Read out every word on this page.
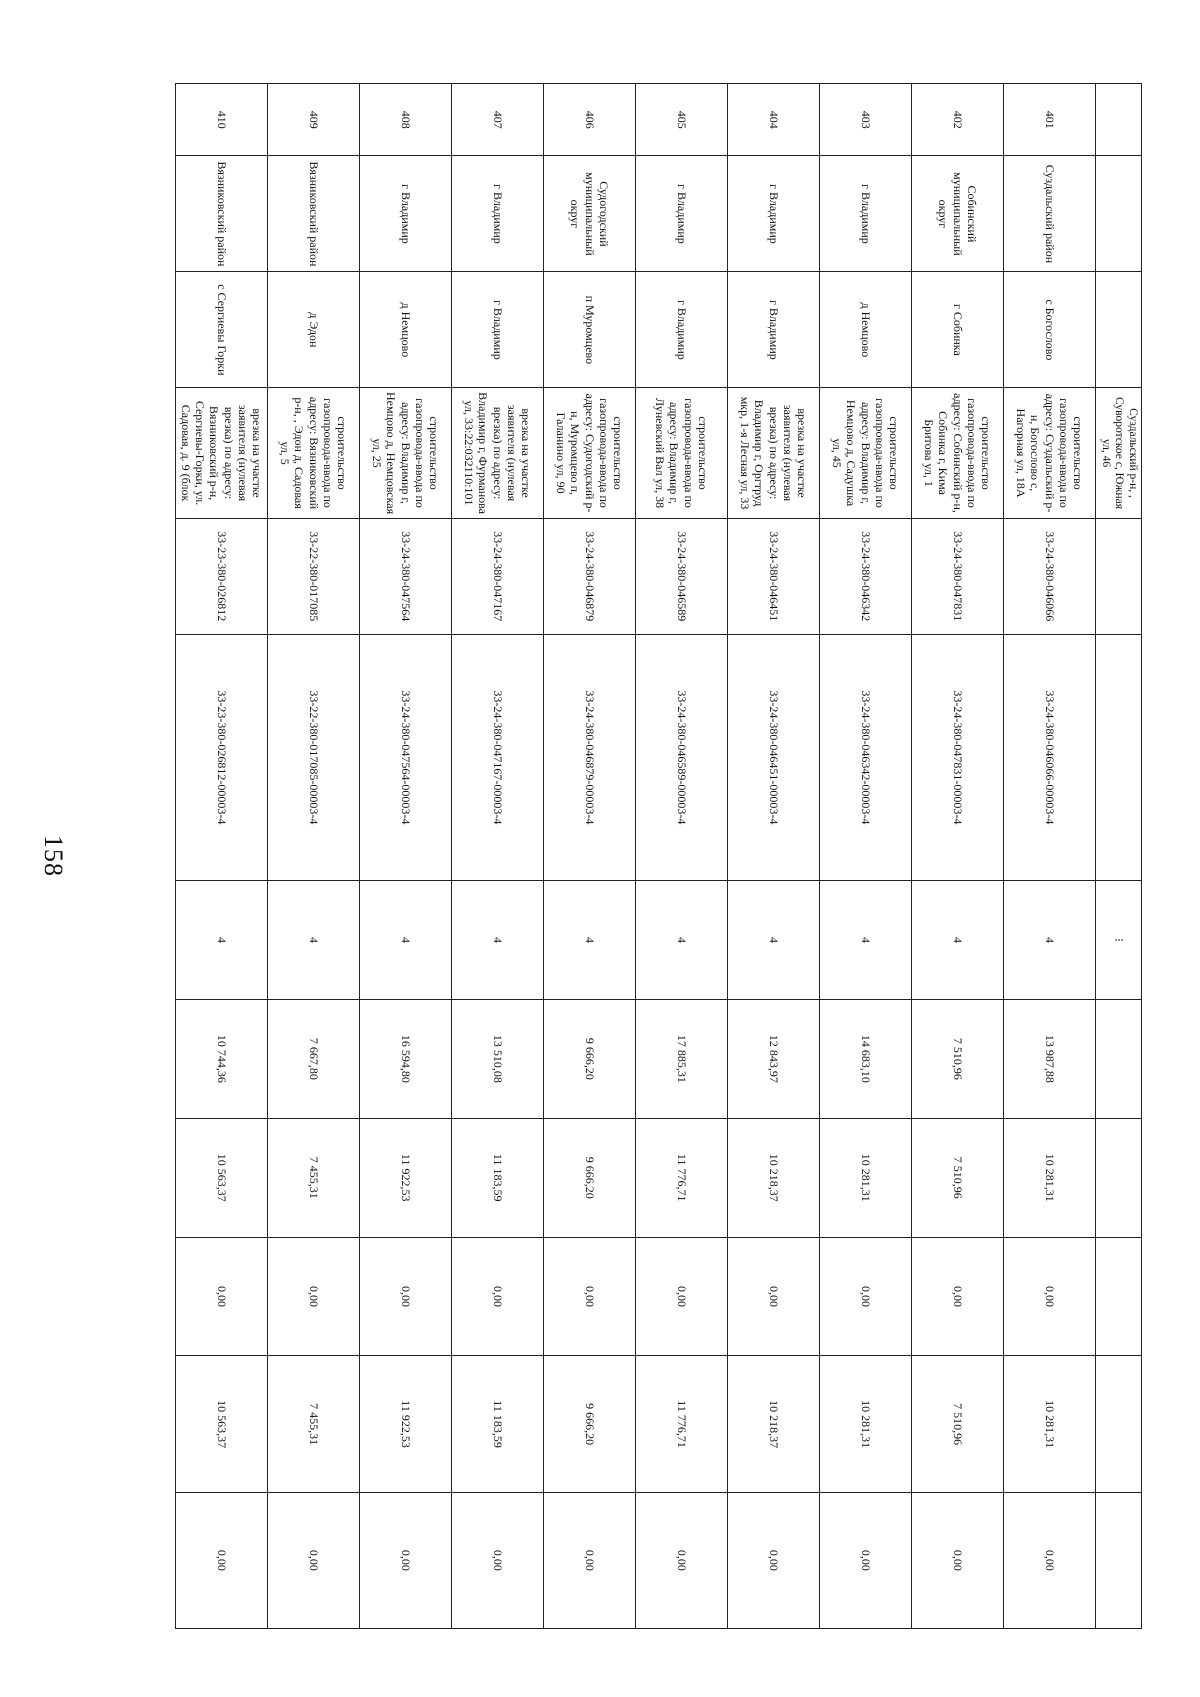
158
			Суздальский р-н, , Суворотское с, Южная ул, 46			⁝					
401	Суздальский район	с Богослово	строительство газопровода-ввода по адресу: Суздальский р-н, Богослово с, Нагорная ул, 18А	33-24-380-046066	33-24-380-046066-00003-4	4	13 987,88	10 281,31	0,00	10 281,31	0,00
402	Собинский муниципальный округ	г Собинка	строительство газопровода-ввода по адресу: Собинский р-н, Собинка г, Кима Бритова ул, 1	33-24-380-047831	33-24-380-047831-00003-4	4	7 510,96	7 510,96	0,00	7 510,96	0,00
403	г Владимир	д Немцово	строительство газопровода-ввода по адресу: Владимир г, Немцово д, Садушка ул, 45	33-24-380-046342	33-24-380-046342-00003-4	4	14 683,10	10 281,31	0,00	10 281,31	0,00
404	г Владимир	г Владимир	врезка на участке заявителя (нулевая врезка) по адресу: Владимир г, Оргтруд мкр, 1-я Лесная ул, 33	33-24-380-046451	33-24-380-046451-00003-4	4	12 843,97	10 218,37	0,00	10 218,37	0,00
405	г Владимир	г Владимир	строительство газопровода-ввода по адресу: Владимир г, Луневский Вал ул, 38	33-24-380-046589	33-24-380-046589-00003-4	4	17 885,31	11 776,71	0,00	11 776,71	0,00
406	Судогодский муниципальный округ	п Муромцево	строительство газопровода-ввода по адресу: Судогодский р-н, Муромцево п, Галанино ул, 90	33-24-380-046879	33-24-380-046879-00003-4	4	9 666,20	9 666,20	0,00	9 666,20	0,00
407	г Владимир	г Владимир	врезка на участке заявителя (нулевая врезка) по адресу: Владимир г, Фурманова ул, 33:22:032110:101	33-24-380-047167	33-24-380-047167-00003-4	4	13 510,08	11 183,59	0,00	11 183,59	0,00
408	г Владимир	д Немцово	строительство газопровода-ввода по адресу: Владимир г, Немцово д, Немцовская ул, 25	33-24-380-047564	33-24-380-047564-00003-4	4	16 594,80	11 922,53	0,00	11 922,53	0,00
409	Вязниковский район	д Эдон	строительство газопровода-ввода по адресу: Вязниковский р-н, , Эдон д, Садовая ул, 5	33-22-380-017085	33-22-380-017085-00003-4	4	7 667,80	7 455,31	0,00	7 455,31	0,00
410	Вязниковский район	с Сергиевы Горки	врезка на участке заявителя (нулевая врезка) по адресу: Вязниковский р-н, Сергиевы-Горки, ул. Садовая, д. 9 (блок	33-23-380-026812	33-23-380-026812-00003-4	4	10 744,36	10 563,37	0,00	10 563,37	0,00
